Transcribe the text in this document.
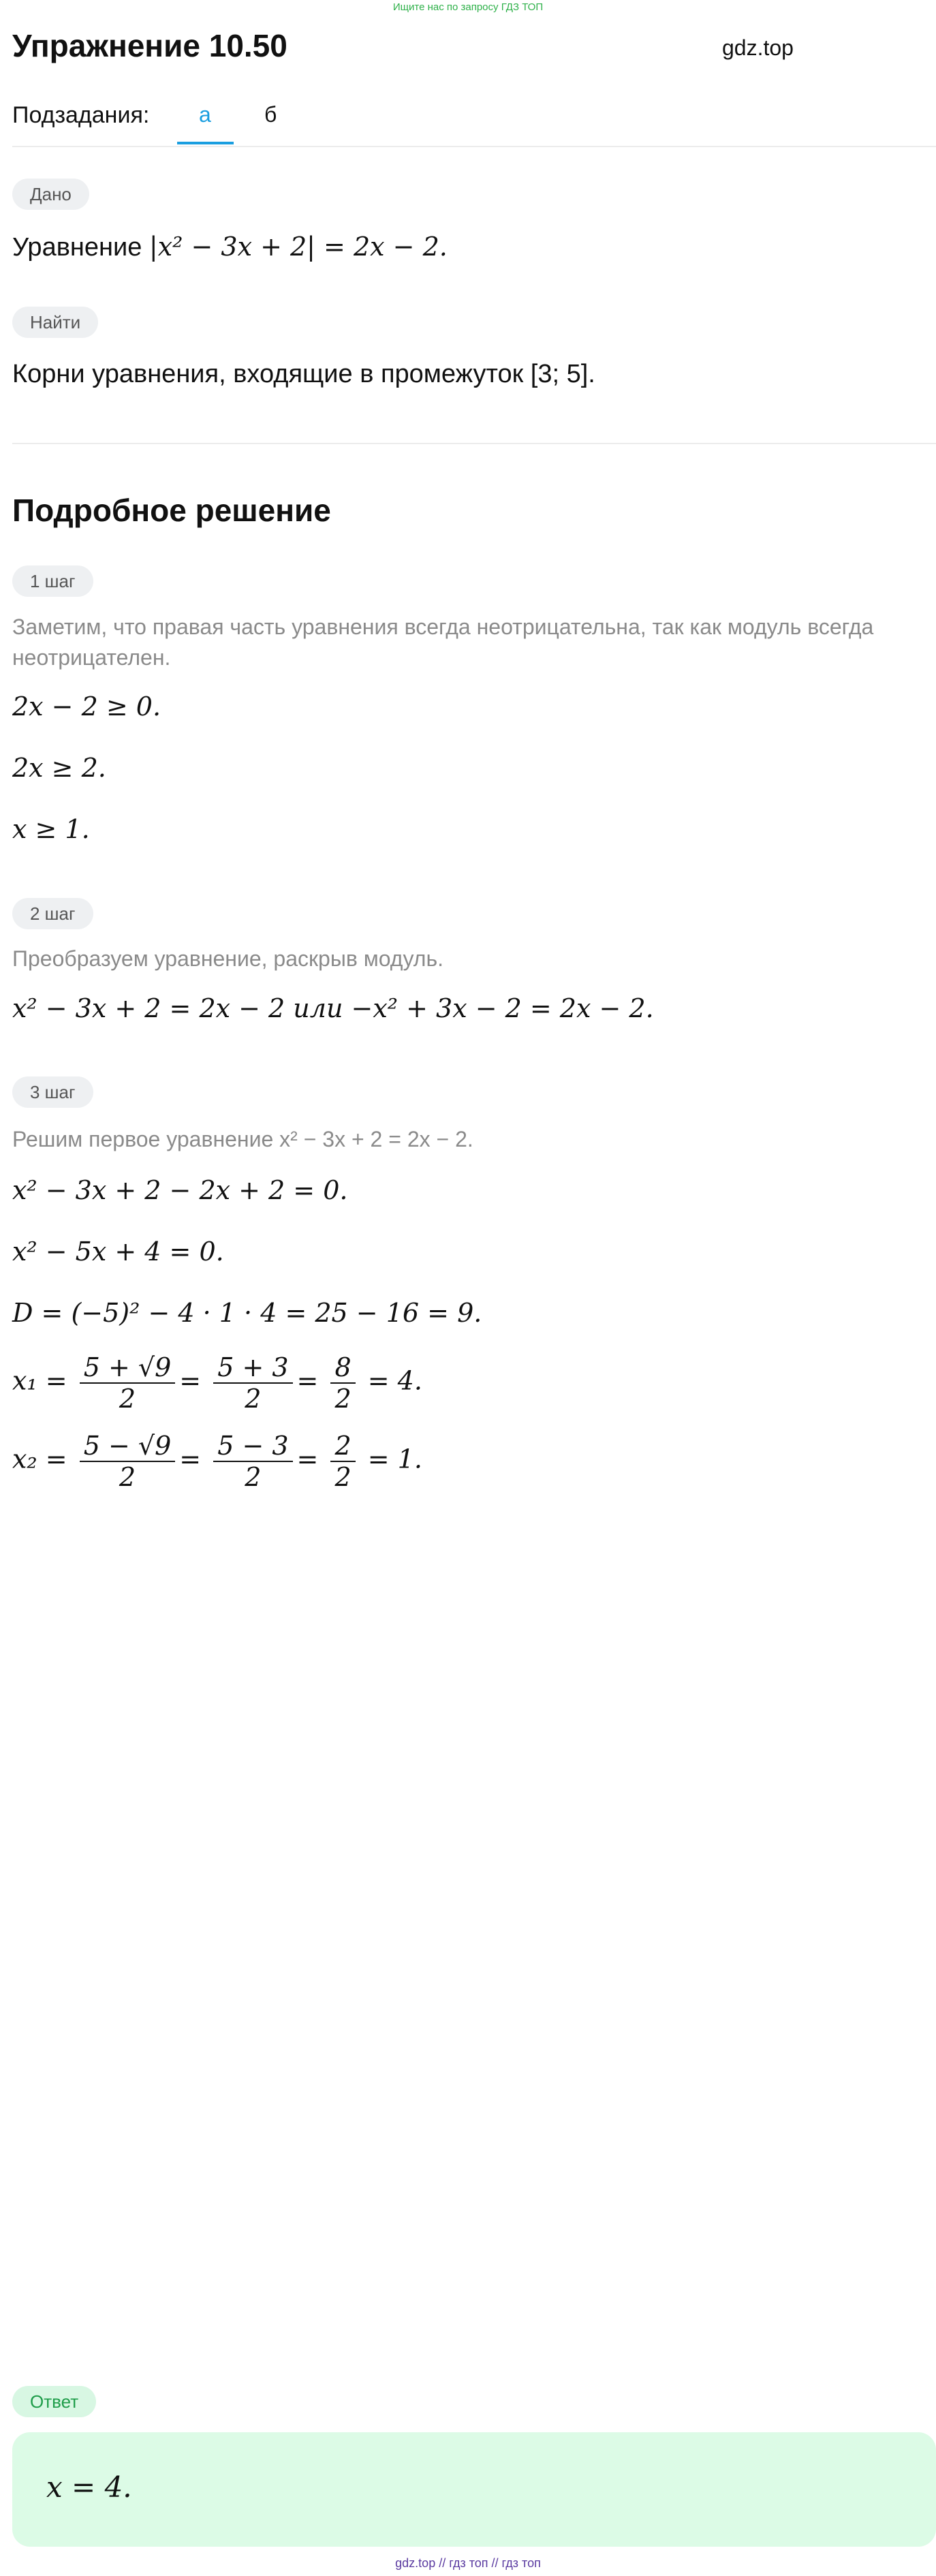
Ищите нас по запросу ГДЗ ТОП
Упражнение 10.50	gdz.top
Подзадания: а б
Дано
Уравнение |x² − 3x + 2| = 2x − 2.
Найти
Корни уравнения, входящие в промежуток [3; 5].
Подробное решение
1 шаг
Заметим, что правая часть уравнения всегда неотрицательна, так как модуль всегда неотрицателен.
2x − 2 ≥ 0.
2x ≥ 2.
x ≥ 1.
2 шаг
Преобразуем уравнение, раскрыв модуль.
x² − 3x + 2 = 2x − 2 или −x² + 3x − 2 = 2x − 2.
3 шаг
Решим первое уравнение x² − 3x + 2 = 2x − 2.
x² − 3x + 2 − 2x + 2 = 0.
x² − 5x + 4 = 0.
D = (−5)² − 4 · 1 · 4 = 25 − 16 = 9.
$x_1 = \frac{5 + √9}{2} = \frac{5 + 3}{2} = \frac{8}{2} = 4$.
$x_2 = \frac{5 - √9}{2} = \frac{5 - 3}{2} = \frac{2}{2} = 1$.
Ответ
x = 4.
gdz.top // гдз топ // гдз топ
